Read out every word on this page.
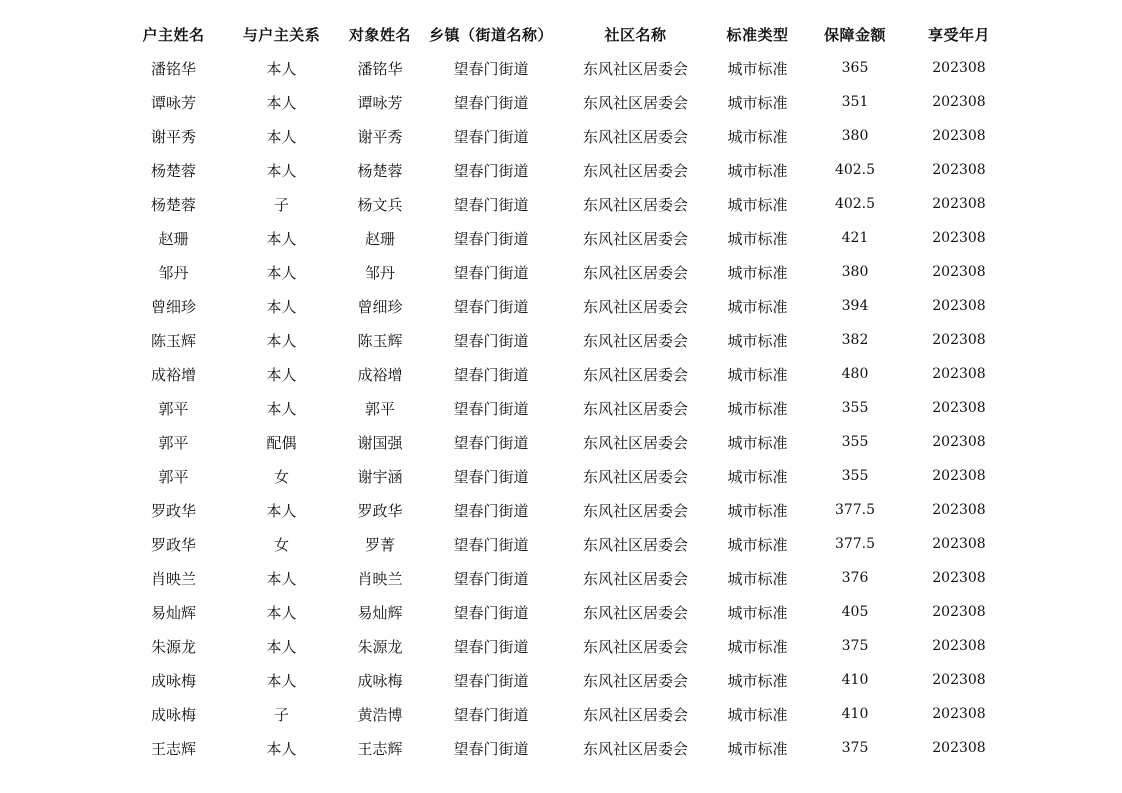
户主姓名	与户主关系	对象姓名	乡镇（街道名称）	社区名称	标准类型	保障金额	享受年月
潘铭华	本人	潘铭华	望春门街道	东风社区居委会	城市标准	365	202308
谭咏芳	本人	谭咏芳	望春门街道	东风社区居委会	城市标准	351	202308
谢平秀	本人	谢平秀	望春门街道	东风社区居委会	城市标准	380	202308
杨楚蓉	本人	杨楚蓉	望春门街道	东风社区居委会	城市标准	402.5	202308
杨楚蓉	子	杨文兵	望春门街道	东风社区居委会	城市标准	402.5	202308
赵珊	本人	赵珊	望春门街道	东风社区居委会	城市标准	421	202308
邹丹	本人	邹丹	望春门街道	东风社区居委会	城市标准	380	202308
曾细珍	本人	曾细珍	望春门街道	东风社区居委会	城市标准	394	202308
陈玉辉	本人	陈玉辉	望春门街道	东风社区居委会	城市标准	382	202308
成裕增	本人	成裕增	望春门街道	东风社区居委会	城市标准	480	202308
郭平	本人	郭平	望春门街道	东风社区居委会	城市标准	355	202308
郭平	配偶	谢国强	望春门街道	东风社区居委会	城市标准	355	202308
郭平	女	谢宇涵	望春门街道	东风社区居委会	城市标准	355	202308
罗政华	本人	罗政华	望春门街道	东风社区居委会	城市标准	377.5	202308
罗政华	女	罗菁	望春门街道	东风社区居委会	城市标准	377.5	202308
肖映兰	本人	肖映兰	望春门街道	东风社区居委会	城市标准	376	202308
易灿辉	本人	易灿辉	望春门街道	东风社区居委会	城市标准	405	202308
朱源龙	本人	朱源龙	望春门街道	东风社区居委会	城市标准	375	202308
成咏梅	本人	成咏梅	望春门街道	东风社区居委会	城市标准	410	202308
成咏梅	子	黄浩博	望春门街道	东风社区居委会	城市标准	410	202308
王志辉	本人	王志辉	望春门街道	东风社区居委会	城市标准	375	202308
